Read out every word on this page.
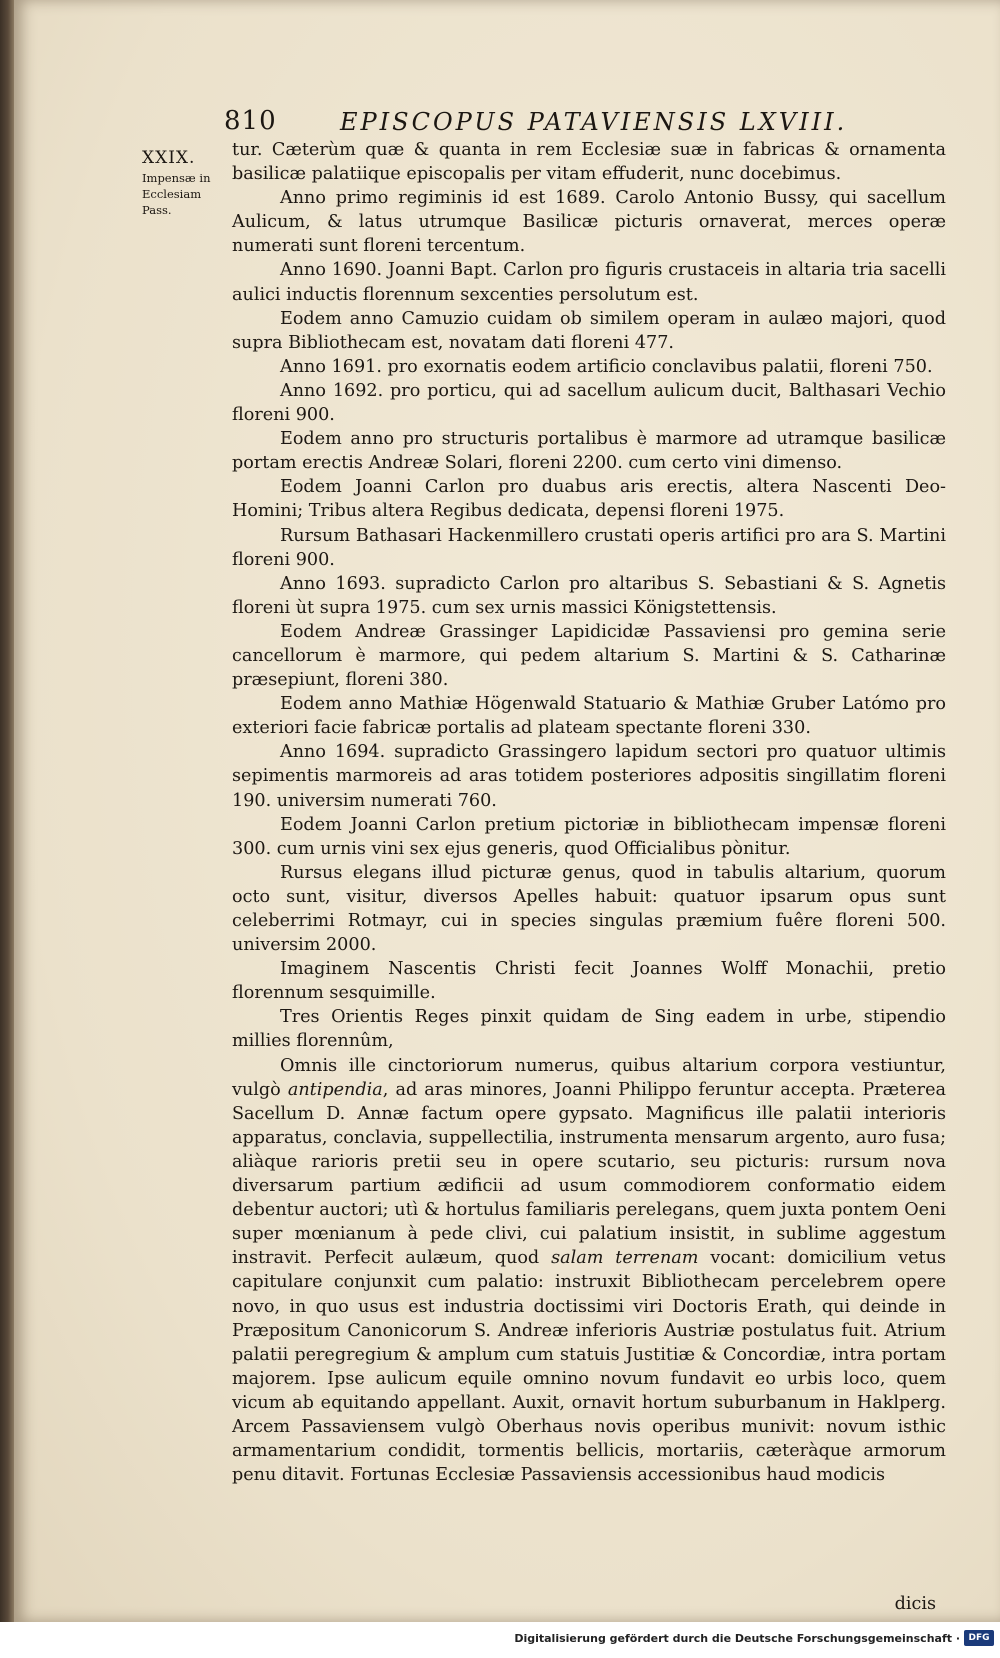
810	EPISCOPUS PATAVIENSIS LXVIII.
XXIX.
Impensæ in
Ecclesiam
Pass.

tur. Cæterùm quæ & quanta in rem Ecclesiæ suæ in fabricas & ornamenta basilicæ palatiique episcopalis per vitam effuderit, nunc docebimus.

Anno primo regiminis id est 1689. Carolo Antonio Bussy, qui sacellum Aulicum, & latus utrumque Basilicæ picturis ornaverat, merces operæ numerati sunt floreni tercentum.

Anno 1690. Joanni Bapt. Carlon pro figuris crustaceis in altaria tria sacelli aulici inductis florennum sexcenties persolutum est.

Eodem anno Camuzio cuidam ob similem operam in aulæo majori, quod supra Bibliothecam est, novatam dati floreni 477.

Anno 1691. pro exornatis eodem artificio conclavibus palatii, floreni 750.

Anno 1692. pro porticu, qui ad sacellum aulicum ducit, Balthasari Vechio floreni 900.

Eodem anno pro structuris portalibus è marmore ad utramque basilicæ portam erectis Andreæ Solari, floreni 2200. cum certo vini dimenso.

Eodem Joanni Carlon pro duabus aris erectis, altera Nascenti Deo-Homini; Tribus altera Regibus dedicata, depensi floreni 1975.

Rursum Bathasari Hackenmillero crustati operis artifici pro ara S. Martini floreni 900.

Anno 1693. supradicto Carlon pro altaribus S. Sebastiani & S. Agnetis floreni ùt supra 1975. cum sex urnis massici Königstettensis.

Eodem Andreæ Grassinger Lapidicidæ Passaviensi pro gemina serie cancellorum è marmore, qui pedem altarium S. Martini & S. Catharinæ præsepiunt, floreni 380.

Eodem anno Mathiæ Högenwald Statuario & Mathiæ Gruber Latómo pro exteriori facie fabricæ portalis ad plateam spectante floreni 330.

Anno 1694. supradicto Grassingero lapidum sectori pro quatuor ultimis sepimentis marmoreis ad aras totidem posteriores adpositis singillatim floreni 190. universim numerati 760.

Eodem Joanni Carlon pretium pictoriæ in bibliothecam impensæ floreni 300. cum urnis vini sex ejus generis, quod Officialibus pònitur.

Rursus elegans illud picturæ genus, quod in tabulis altarium, quorum octo sunt, visitur, diversos Apelles habuit: quatuor ipsarum opus sunt celeberrimi Rotmayr, cui in species singulas præmium fuêre floreni 500. universim 2000.

Imaginem Nascentis Christi fecit Joannes Wolff Monachii, pretio florennum sesquimille.

Tres Orientis Reges pinxit quidam de Sing eadem in urbe, stipendio millies florennûm,

Omnis ille cinctoriorum numerus, quibus altarium corpora vestiuntur, vulgò antipendia, ad aras minores, Joanni Philippo feruntur accepta. Præterea Sacellum D. Annæ factum opere gypsato. Magnificus ille palatii interioris apparatus, conclavia, suppellectilia, instrumenta mensarum argento, auro fusa; aliàque rarioris pretii seu in opere scutario, seu picturis: rursum nova diversarum partium ædificii ad usum commodiorem conformatio eidem debentur auctori; utì & hortulus familiaris perelegans, quem juxta pontem Oeni super mœnianum à pede clivi, cui palatium insistit, in sublime aggestum instravit. Perfecit aulæum, quod salam terrenam vocant: domicilium vetus capitulare conjunxit cum palatio: instruxit Bibliothecam percelebrem opere novo, in quo usus est industria doctissimi viri Doctoris Erath, qui deinde in Præpositum Canonicorum S. Andreæ inferioris Austriæ postulatus fuit. Atrium palatii peregregium & amplum cum statuis Justitiæ & Concordiæ, intra portam majorem. Ipse aulicum equile omnino novum fundavit eo urbis loco, quem vicum ab equitando appellant. Auxit, ornavit hortum suburbanum in Haklperg. Arcem Passaviensem vulgò Oberhaus novis operibus munivit: novum isthic armamentarium condidit, tormentis bellicis, mortariis, cæteràque armorum penu ditavit. Fortunas Ecclesiæ Passaviensis accessionibus haud modicis

dicis
Digitalisierung gefördert durch die Deutsche Forschungsgemeinschaft · DFG
